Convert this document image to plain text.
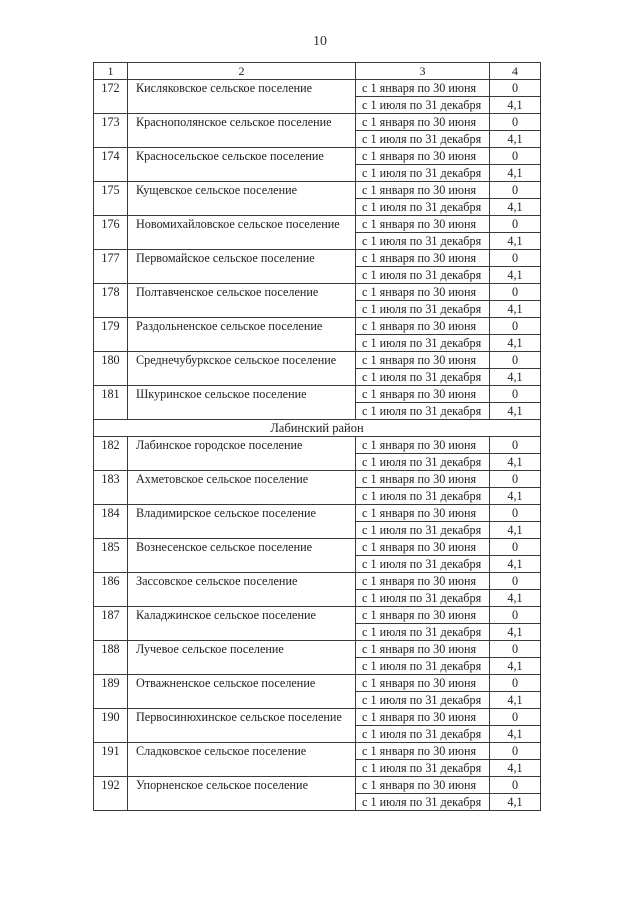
10
1	2	3	4
172	Кисляковское сельское поселение	с 1 января по 30 июня	0
		с 1 июля по 31 декабря	4,1
173	Краснополянское сельское поселение	с 1 января по 30 июня	0
		с 1 июля по 31 декабря	4,1
174	Красносельское сельское поселение	с 1 января по 30 июня	0
		с 1 июля по 31 декабря	4,1
175	Кущевское сельское поселение	с 1 января по 30 июня	0
		с 1 июля по 31 декабря	4,1
176	Новомихайловское сельское поселение	с 1 января по 30 июня	0
		с 1 июля по 31 декабря	4,1
177	Первомайское сельское поселение	с 1 января по 30 июня	0
		с 1 июля по 31 декабря	4,1
178	Полтавченское сельское поселение	с 1 января по 30 июня	0
		с 1 июля по 31 декабря	4,1
179	Раздольненское сельское поселение	с 1 января по 30 июня	0
		с 1 июля по 31 декабря	4,1
180	Среднечубуркское сельское поселение	с 1 января по 30 июня	0
		с 1 июля по 31 декабря	4,1
181	Шкуринское сельское поселение	с 1 января по 30 июня	0
		с 1 июля по 31 декабря	4,1
Лабинский район			
182	Лабинское городское поселение	с 1 января по 30 июня	0
		с 1 июля по 31 декабря	4,1
183	Ахметовское сельское поселение	с 1 января по 30 июня	0
		с 1 июля по 31 декабря	4,1
184	Владимирское сельское поселение	с 1 января по 30 июня	0
		с 1 июля по 31 декабря	4,1
185	Вознесенское сельское поселение	с 1 января по 30 июня	0
		с 1 июля по 31 декабря	4,1
186	Зассовское сельское поселение	с 1 января по 30 июня	0
		с 1 июля по 31 декабря	4,1
187	Каладжинское сельское поселение	с 1 января по 30 июня	0
		с 1 июля по 31 декабря	4,1
188	Лучевое сельское поселение	с 1 января по 30 июня	0
		с 1 июля по 31 декабря	4,1
189	Отважненское сельское поселение	с 1 января по 30 июня	0
		с 1 июля по 31 декабря	4,1
190	Первосинюхинское сельское поселение	с 1 января по 30 июня	0
		с 1 июля по 31 декабря	4,1
191	Сладковское сельское поселение	с 1 января по 30 июня	0
		с 1 июля по 31 декабря	4,1
192	Упорненское сельское поселение	с 1 января по 30 июня	0
		с 1 июля по 31 декабря	4,1
